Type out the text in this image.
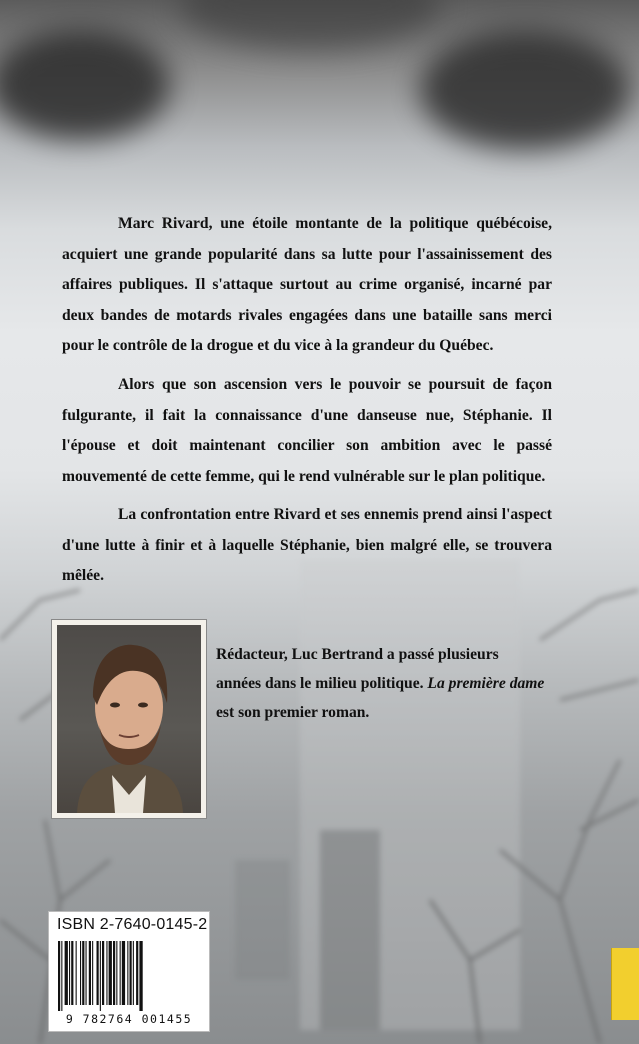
Marc Rivard, une étoile montante de la politique québécoise, acquiert une grande popularité dans sa lutte pour l'assainissement des affaires publiques. Il s'attaque surtout au crime organisé, incarné par deux bandes de motards rivales engagées dans une bataille sans merci pour le contrôle de la drogue et du vice à la grandeur du Québec.

Alors que son ascension vers le pouvoir se poursuit de façon fulgurante, il fait la connaissance d'une danseuse nue, Stéphanie. Il l'épouse et doit maintenant concilier son ambition avec le passé mouvementé de cette femme, qui le rend vulnérable sur le plan politique.

La confrontation entre Rivard et ses ennemis prend ainsi l'aspect d'une lutte à finir et à laquelle Stéphanie, bien malgré elle, se trouvera mêlée.

Rédacteur, Luc Bertrand a passé plusieurs années dans le milieu politique. La première dame est son premier roman.
ISBN 2-7640-0145-2
9 782764 001455
